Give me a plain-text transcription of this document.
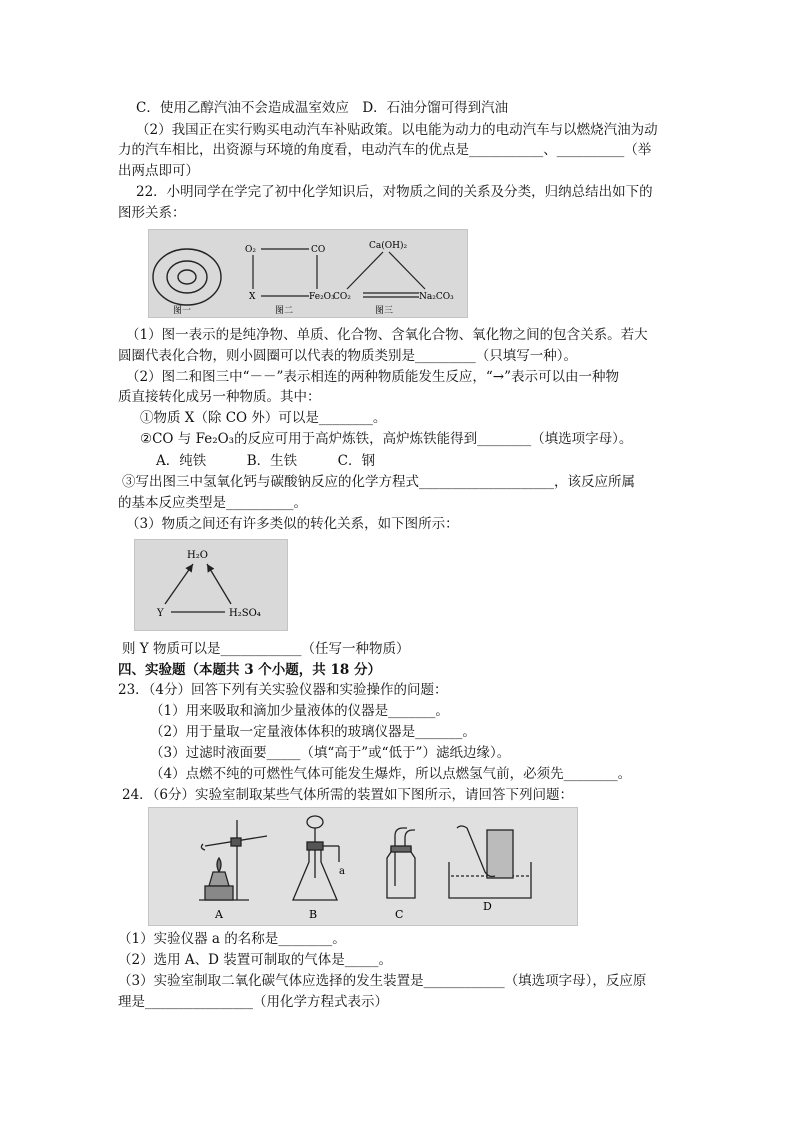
C．使用乙醇汽油不会造成温室效应　D．石油分馏可得到汽油
（2）我国正在实行购买电动汽车补贴政策。以电能为动力的电动汽车与以燃烧汽油为动
力的汽车相比，出资源与环境的角度看，电动汽车的优点是___________、__________（举
出两点即可）
22．小明同学在学完了初中化学知识后，对物质之间的关系及分类，归纳总结出如下的
图形关系：
图一
O₂	CO
X	Fe₂O₃
图二
Ca(OH)₂
CO₂	Na₂CO₃
图三
（1）图一表示的是纯净物、单质、化合物、含氧化合物、氧化物之间的包含关系。若大
圆圈代表化合物，则小圆圈可以代表的物质类别是_________（只填写一种）。
（2）图二和图三中“－－”表示相连的两种物质能发生反应，“→”表示可以由一种物
质直接转化成另一种物质。其中：
①物质 X（除 CO 外）可以是________。
②CO 与 Fe₂O₃的反应可用于高炉炼铁，高炉炼铁能得到________（填选项字母）。
A．纯铁　　　B．生铁　　　C．钢
③写出图三中氢氧化钙与碳酸钠反应的化学方程式____________________，该反应所属
的基本反应类型是__________。
（3）物质之间还有许多类似的转化关系，如下图所示：
H₂O
Y	H₂SO₄
则 Y 物质可以是____________（任写一种物质）
四、实验题（本题共 3 个小题，共 18 分）
23．（4分）回答下列有关实验仪器和实验操作的问题：
（1）用来吸取和滴加少量液体的仪器是_______。
（2）用于量取一定量液体体积的玻璃仪器是_______。
（3）过滤时液面要_____（填“高于”或“低于”）滤纸边缘）。
（4）点燃不纯的可燃性气体可能发生爆炸，所以点燃氢气前，必须先________。
24．（6分）实验室制取某些气体所需的装置如下图所示，请回答下列问题：
A
a
B	C
D
（1）实验仪器 a 的名称是________。
（2）选用 A、D 装置可制取的气体是_____。
（3）实验室制取二氧化碳气体应选择的发生装置是____________（填选项字母），反应原
理是________________（用化学方程式表示）
